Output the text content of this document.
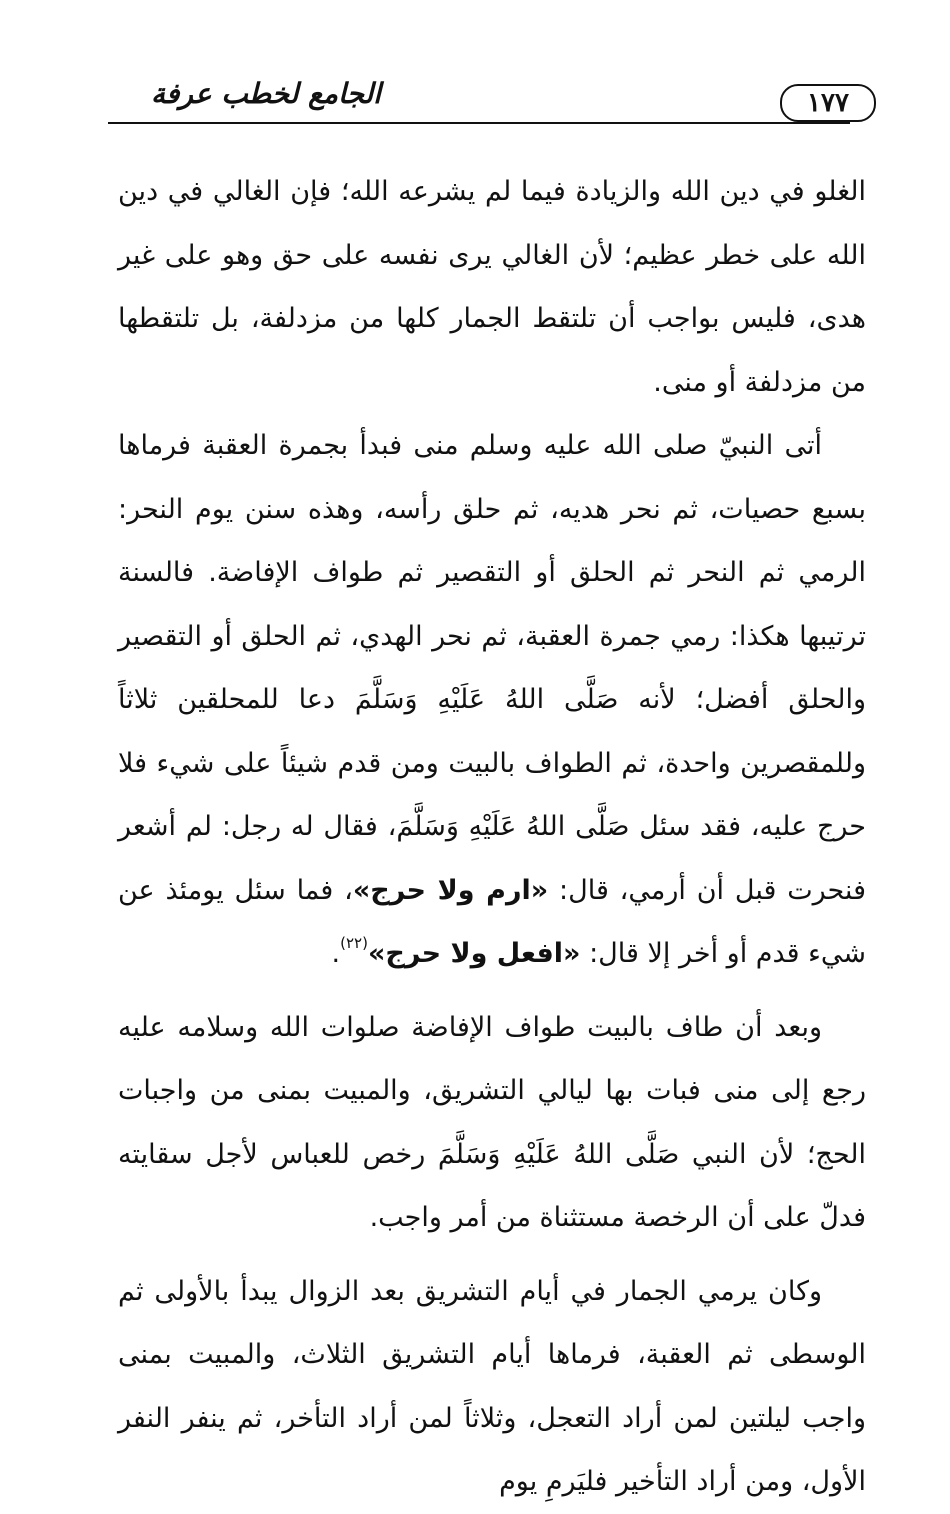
الجامع لخطب عرفة	١٧٧

الغلو في دين الله والزيادة فيما لم يشرعه الله؛ فإن الغالي في دين الله على خطر عظيم؛ لأن الغالي يرى نفسه على حق وهو على غير هدى، فليس بواجب أن تلتقط الجمار كلها من مزدلفة، بل تلتقطها من مزدلفة أو منى.

أتى النبيّ صلى الله عليه وسلم منى فبدأ بجمرة العقبة فرماها بسبع حصيات، ثم نحر هديه، ثم حلق رأسه، وهذه سنن يوم النحر: الرمي ثم النحر ثم الحلق أو التقصير ثم طواف الإفاضة. فالسنة ترتيبها هكذا: رمي جمرة العقبة، ثم نحر الهدي، ثم الحلق أو التقصير والحلق أفضل؛ لأنه صَلَّى اللهُ عَلَيْهِ وَسَلَّمَ دعا للمحلقين ثلاثاً وللمقصرين واحدة، ثم الطواف بالبيت ومن قدم شيئاً على شيء فلا حرج عليه، فقد سئل صَلَّى اللهُ عَلَيْهِ وَسَلَّمَ، فقال له رجل: لم أشعر فنحرت قبل أن أرمي، قال: «ارم ولا حرج»، فما سئل يومئذ عن شيء قدم أو أخر إلا قال: «افعل ولا حرج»$^{(٢٢)}$.

وبعد أن طاف بالبيت طواف الإفاضة صلوات الله وسلامه عليه رجع إلى منى فبات بها ليالي التشريق، والمبيت بمنى من واجبات الحج؛ لأن النبي صَلَّى اللهُ عَلَيْهِ وَسَلَّمَ رخص للعباس لأجل سقايته فدلّ على أن الرخصة مستثناة من أمر واجب.

وكان يرمي الجمار في أيام التشريق بعد الزوال يبدأ بالأولى ثم الوسطى ثم العقبة، فرماها أيام التشريق الثلاث، والمبيت بمنى واجب ليلتين لمن أراد التعجل، وثلاثاً لمن أراد التأخر، ثم ينفر النفر الأول، ومن أراد التأخير فليَرمِ يوم
